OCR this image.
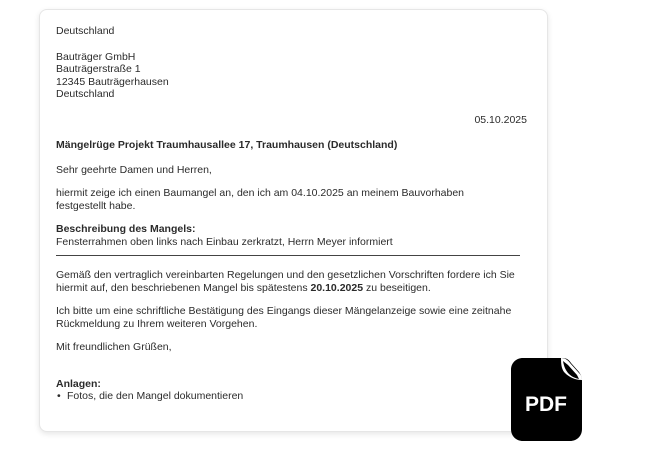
Deutschland
Bauträger GmbH
Bauträgerstraße 1
12345 Bauträgerhausen
Deutschland
05.10.2025
Mängelrüge Projekt Traumhausallee 17, Traumhausen (Deutschland)
Sehr geehrte Damen und Herren,
hiermit zeige ich einen Baumangel an, den ich am 04.10.2025 an meinem Bauvorhaben
festgestellt habe.
Beschreibung des Mangels:
Fensterrahmen oben links nach Einbau zerkratzt, Herrn Meyer informiert
Gemäß den vertraglich vereinbarten Regelungen und den gesetzlichen Vorschriften fordere ich Sie
hiermit auf, den beschriebenen Mangel bis spätestens 20.10.2025 zu beseitigen.
Ich bitte um eine schriftliche Bestätigung des Eingangs dieser Mängelanzeige sowie eine zeitnahe
Rückmeldung zu Ihrem weiteren Vorgehen.
Mit freundlichen Grüßen,
Anlagen:
• Fotos, die den Mangel dokumentieren	PDF
